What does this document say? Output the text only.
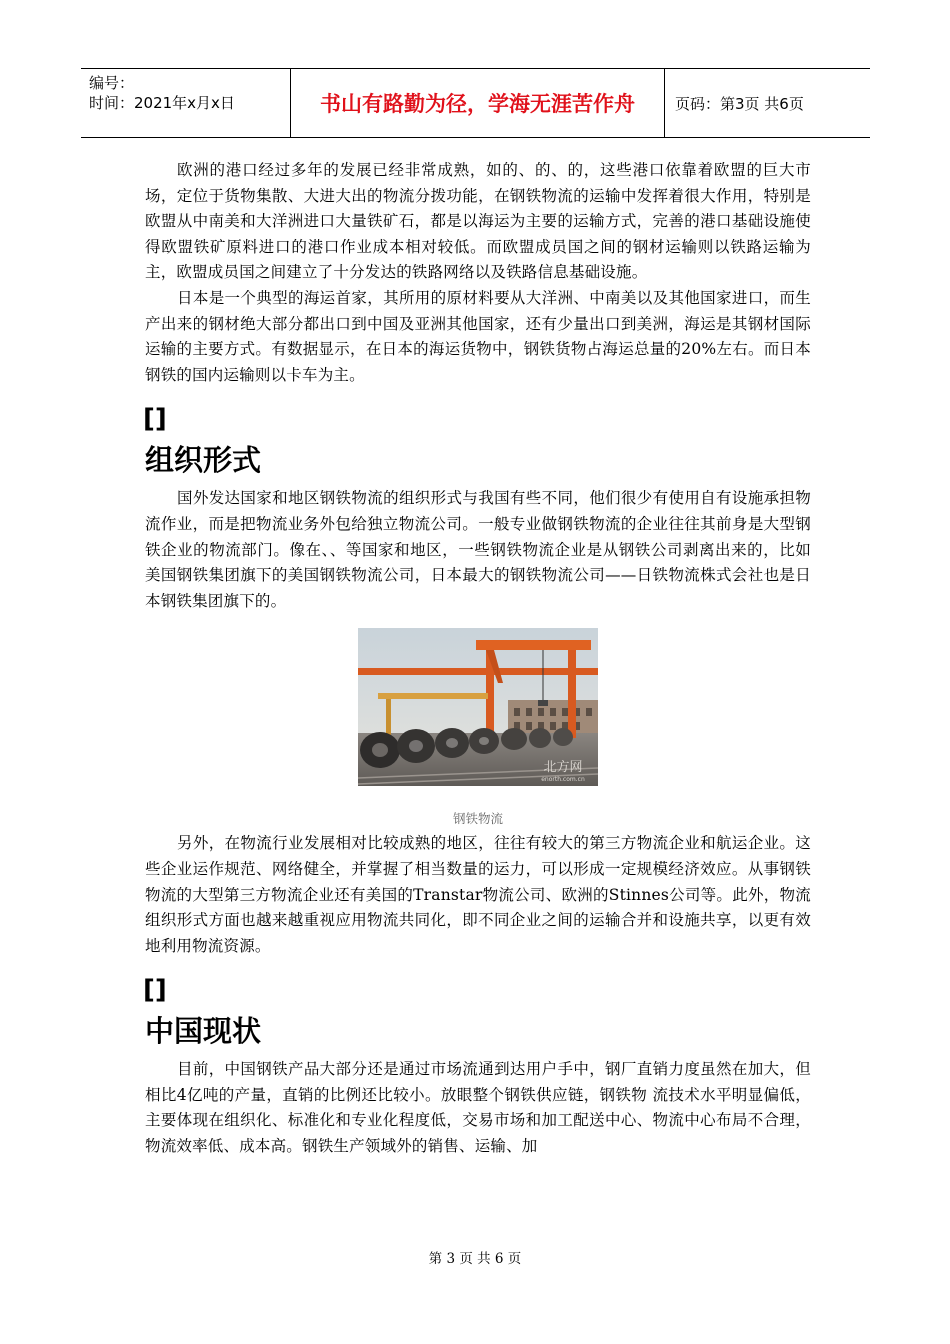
编号：
时间：2021年x月x日	书山有路勤为径，学海无涯苦作舟	页码：第3页 共6页

欧洲的港口经过多年的发展已经非常成熟，如的、的、的，这些港口依靠着欧盟的巨大市场，定位于货物集散、大进大出的物流分拨功能，在钢铁物流的运输中发挥着很大作用，特别是欧盟从中南美和大洋洲进口大量铁矿石，都是以海运为主要的运输方式，完善的港口基础设施使得欧盟铁矿原料进口的港口作业成本相对较低。而欧盟成员国之间的钢材运输则以铁路运输为主，欧盟成员国之间建立了十分发达的铁路网络以及铁路信息基础设施。

日本是一个典型的海运首家，其所用的原材料要从大洋洲、中南美以及其他国家进口，而生产出来的钢材绝大部分都出口到中国及亚洲其他国家，还有少量出口到美洲，海运是其钢材国际运输的主要方式。有数据显示，在日本的海运货物中，钢铁货物占海运总量的20%左右。而日本钢铁的国内运输则以卡车为主。

[]
组织形式

国外发达国家和地区钢铁物流的组织形式与我国有些不同，他们很少有使用自有设施承担物流作业，而是把物流业务外包给独立物流公司。一般专业做钢铁物流的企业往往其前身是大型钢铁企业的物流部门。像在、、等国家和地区，一些钢铁物流企业是从钢铁公司剥离出来的，比如美国钢铁集团旗下的美国钢铁物流公司，日本最大的钢铁物流公司——日铁物流株式会社也是日本钢铁集团旗下的。

北方网
enorth.com.cn
钢铁物流

另外，在物流行业发展相对比较成熟的地区，往往有较大的第三方物流企业和航运企业。这些企业运作规范、网络健全，并掌握了相当数量的运力，可以形成一定规模经济效应。从事钢铁物流的大型第三方物流企业还有美国的Transtar物流公司、欧洲的Stinnes公司等。此外，物流组织形式方面也越来越重视应用物流共同化，即不同企业之间的运输合并和设施共享，以更有效地利用物流资源。

[]
中国现状

目前，中国钢铁产品大部分还是通过市场流通到达用户手中，钢厂直销力度虽然在加大，但相比4亿吨的产量，直销的比例还比较小。放眼整个钢铁供应链，钢铁物 流技术水平明显偏低，主要体现在组织化、标准化和专业化程度低，交易市场和加工配送中心、物流中心布局不合理，物流效率低、成本高。钢铁生产领域外的销售、运输、加

第 3 页 共 6 页
